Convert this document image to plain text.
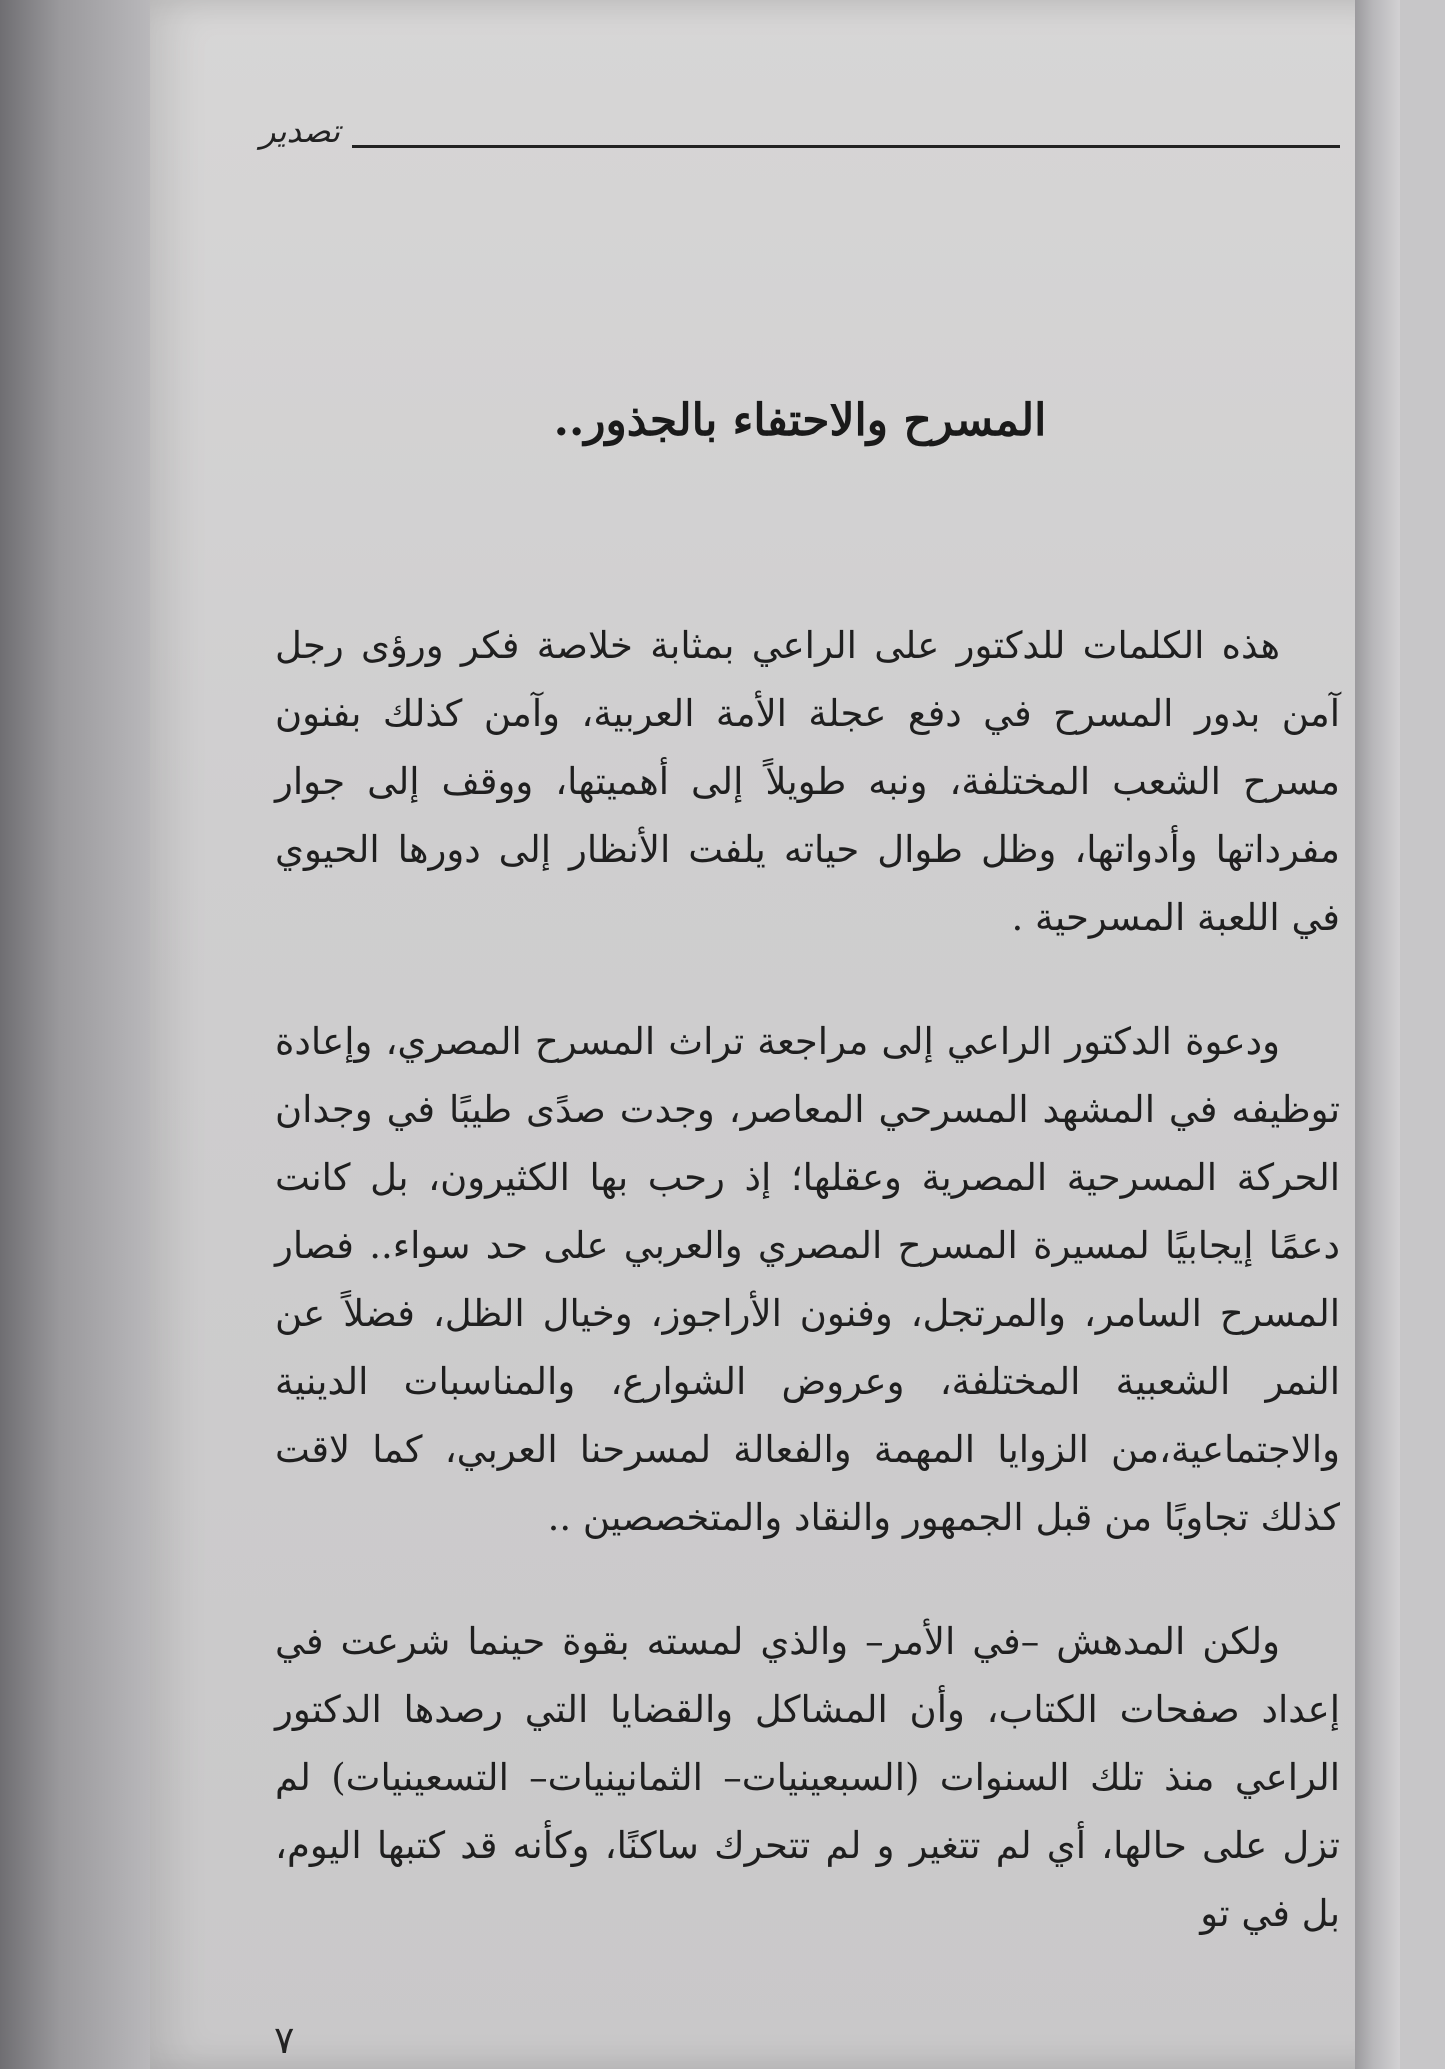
تصدير
المسرح والاحتفاء بالجذور..

هذه الكلمات للدكتور على الراعي بمثابة خلاصة فكر ورؤى رجل آمن بدور المسرح في دفع عجلة الأمة العربية، وآمن كذلك بفنون مسرح الشعب المختلفة، ونبه طويلاً إلى أهميتها، ووقف إلى جوار مفرداتها وأدواتها، وظل طوال حياته يلفت الأنظار إلى دورها الحيوي في اللعبة المسرحية .

ودعوة الدكتور الراعي إلى مراجعة تراث المسرح المصري، وإعادة توظيفه في المشهد المسرحي المعاصر، وجدت صدًى طيبًا في وجدان الحركة المسرحية المصرية وعقلها؛ إذ رحب بها الكثيرون، بل كانت دعمًا إيجابيًا لمسيرة المسرح المصري والعربي على حد سواء.. فصار المسرح السامر، والمرتجل، وفنون الأراجوز، وخيال الظل، فضلاً عن النمر الشعبية المختلفة، وعروض الشوارع، والمناسبات الدينية والاجتماعية،من الزوايا المهمة والفعالة لمسرحنا العربي، كما لاقت كذلك تجاوبًا من قبل الجمهور والنقاد والمتخصصين ..

ولكن المدهش –في الأمر– والذي لمسته بقوة حينما شرعت في إعداد صفحات الكتاب، وأن المشاكل والقضايا التي رصدها الدكتور الراعي منذ تلك السنوات (السبعينيات– الثمانينيات– التسعينيات) لم تزل على حالها، أي لم تتغير و لم تتحرك ساكنًا، وكأنه قد كتبها اليوم، بل في تو

٧
